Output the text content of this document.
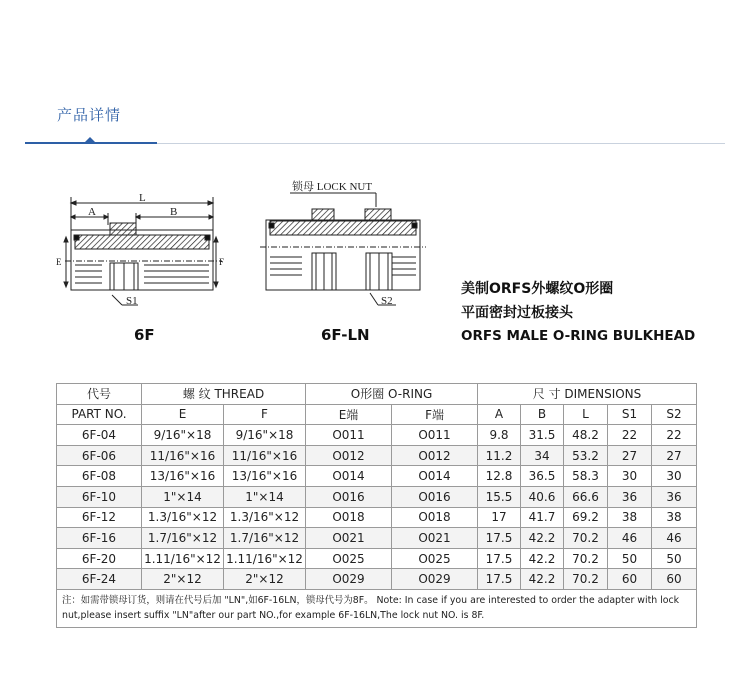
产品详情
L
A	B
E	F
S1
锁母 LOCK NUT
S2
6F	6F-LN
美制ORFS外螺纹O形圈
平面密封过板接头
ORFS MALE O-RING BULKHEAD
代号	螺 纹 THREAD		O形圈 O-RING		尺 寸 DIMENSIONS				
PART NO.	E	F	E端	F端	A	B	L	S1	S2
6F-04	9/16"×18	9/16"×18	O011	O011	9.8	31.5	48.2	22	22
6F-06	11/16"×16	11/16"×16	O012	O012	11.2	34	53.2	27	27
6F-08	13/16"×16	13/16"×16	O014	O014	12.8	36.5	58.3	30	30
6F-10	1"×14	1"×14	O016	O016	15.5	40.6	66.6	36	36
6F-12	1.3/16"×12	1.3/16"×12	O018	O018	17	41.7	69.2	38	38
6F-16	1.7/16"×12	1.7/16"×12	O021	O021	17.5	42.2	70.2	46	46
6F-20	1.11/16"×12	1.11/16"×12	O025	O025	17.5	42.2	70.2	50	50
6F-24	2"×12	2"×12	O029	O029	17.5	42.2	70.2	60	60
注：如需带锁母订货，则请在代号后加 "LN",如6F-16LN，锁母代号为8F。 Note: In case if you are interested to order the adapter with lock nut,please insert suffix "LN"after our part NO.,for example 6F-16LN,The lock nut NO. is 8F.									
